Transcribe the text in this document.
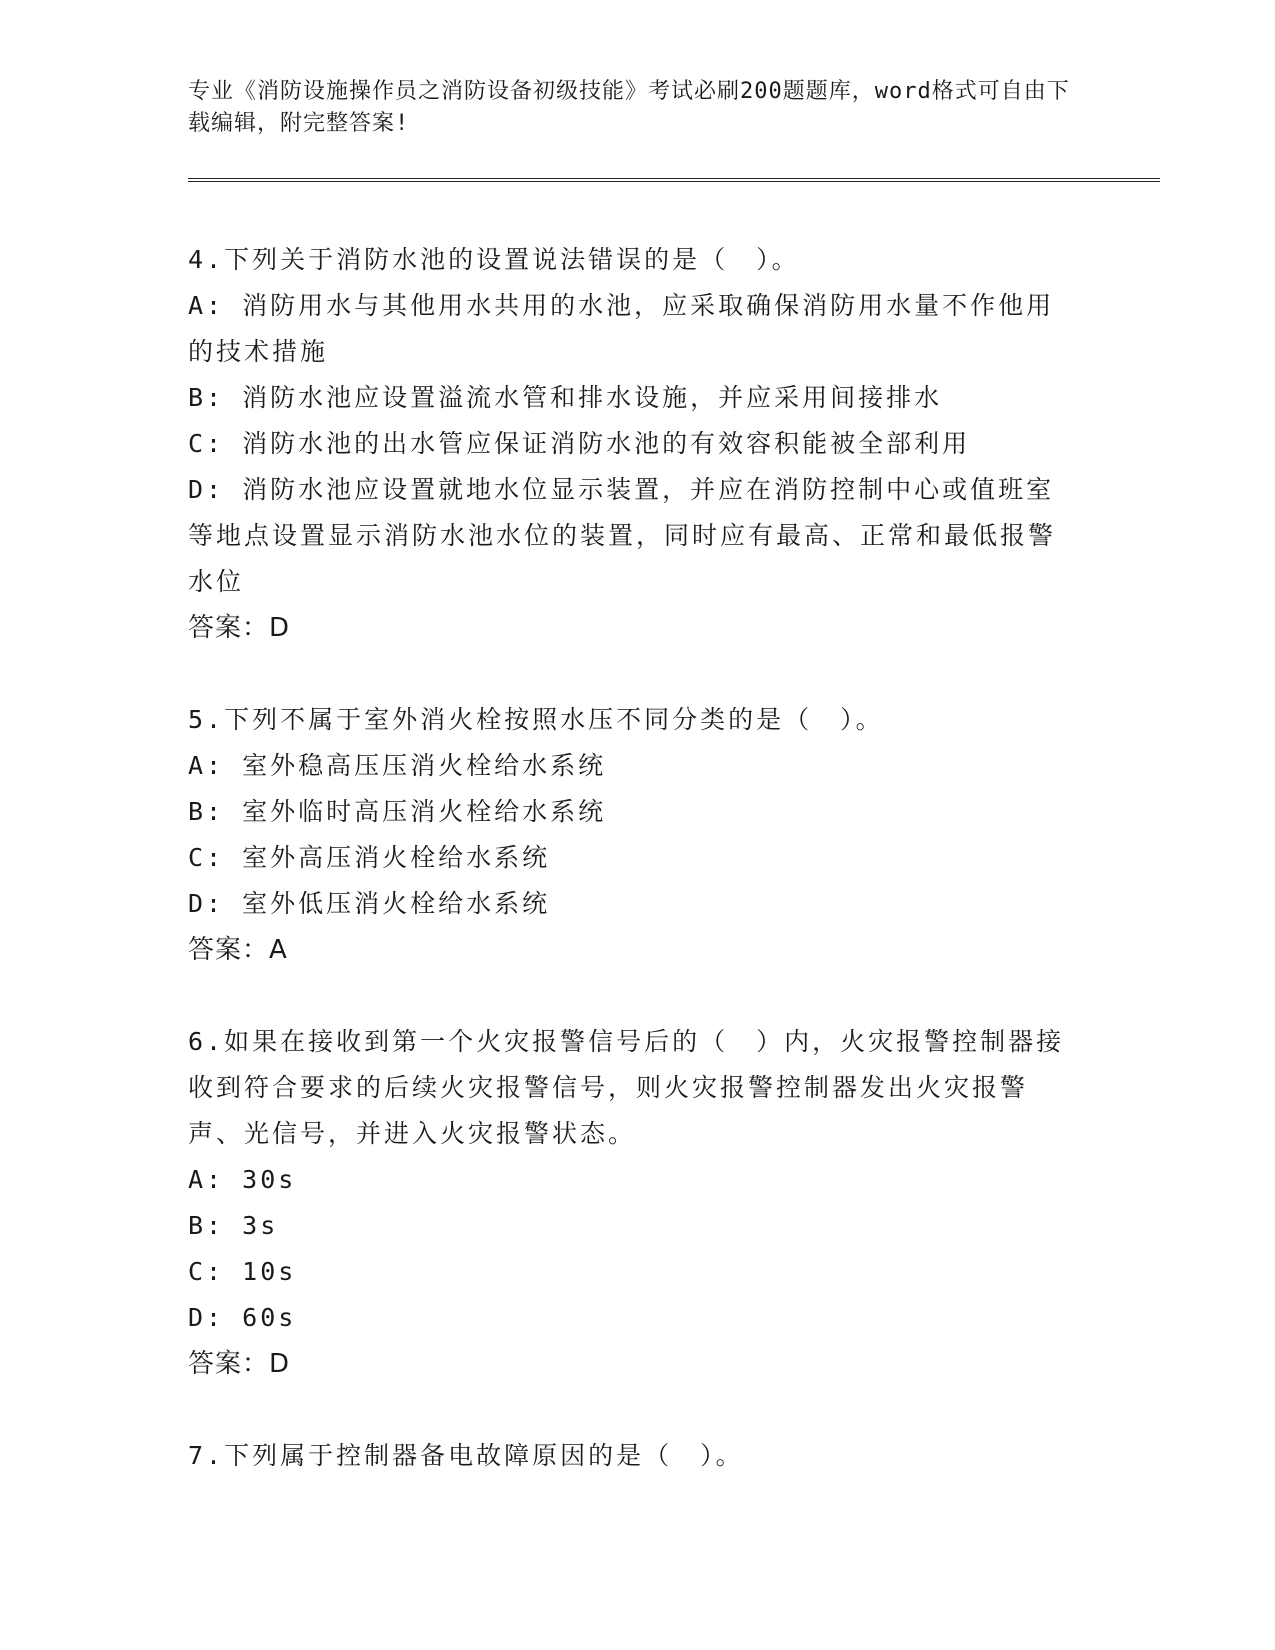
专业《消防设施操作员之消防设备初级技能》考试必刷200题题库，word格式可自由下载编辑，附完整答案!
4.下列关于消防水池的设置说法错误的是（　）。
A: 消防用水与其他用水共用的水池，应采取确保消防用水量不作他用的技术措施
B: 消防水池应设置溢流水管和排水设施，并应采用间接排水
C: 消防水池的出水管应保证消防水池的有效容积能被全部利用
D: 消防水池应设置就地水位显示装置，并应在消防控制中心或值班室等地点设置显示消防水池水位的装置，同时应有最高、正常和最低报警水位
答案：D
5.下列不属于室外消火栓按照水压不同分类的是（　）。
A: 室外稳高压压消火栓给水系统
B: 室外临时高压消火栓给水系统
C: 室外高压消火栓给水系统
D: 室外低压消火栓给水系统
答案：A
6.如果在接收到第一个火灾报警信号后的（　）内，火灾报警控制器接收到符合要求的后续火灾报警信号，则火灾报警控制器发出火灾报警声、光信号，并进入火灾报警状态。
A: 30s
B: 3s
C: 10s
D: 60s
答案：D
7.下列属于控制器备电故障原因的是（　）。
